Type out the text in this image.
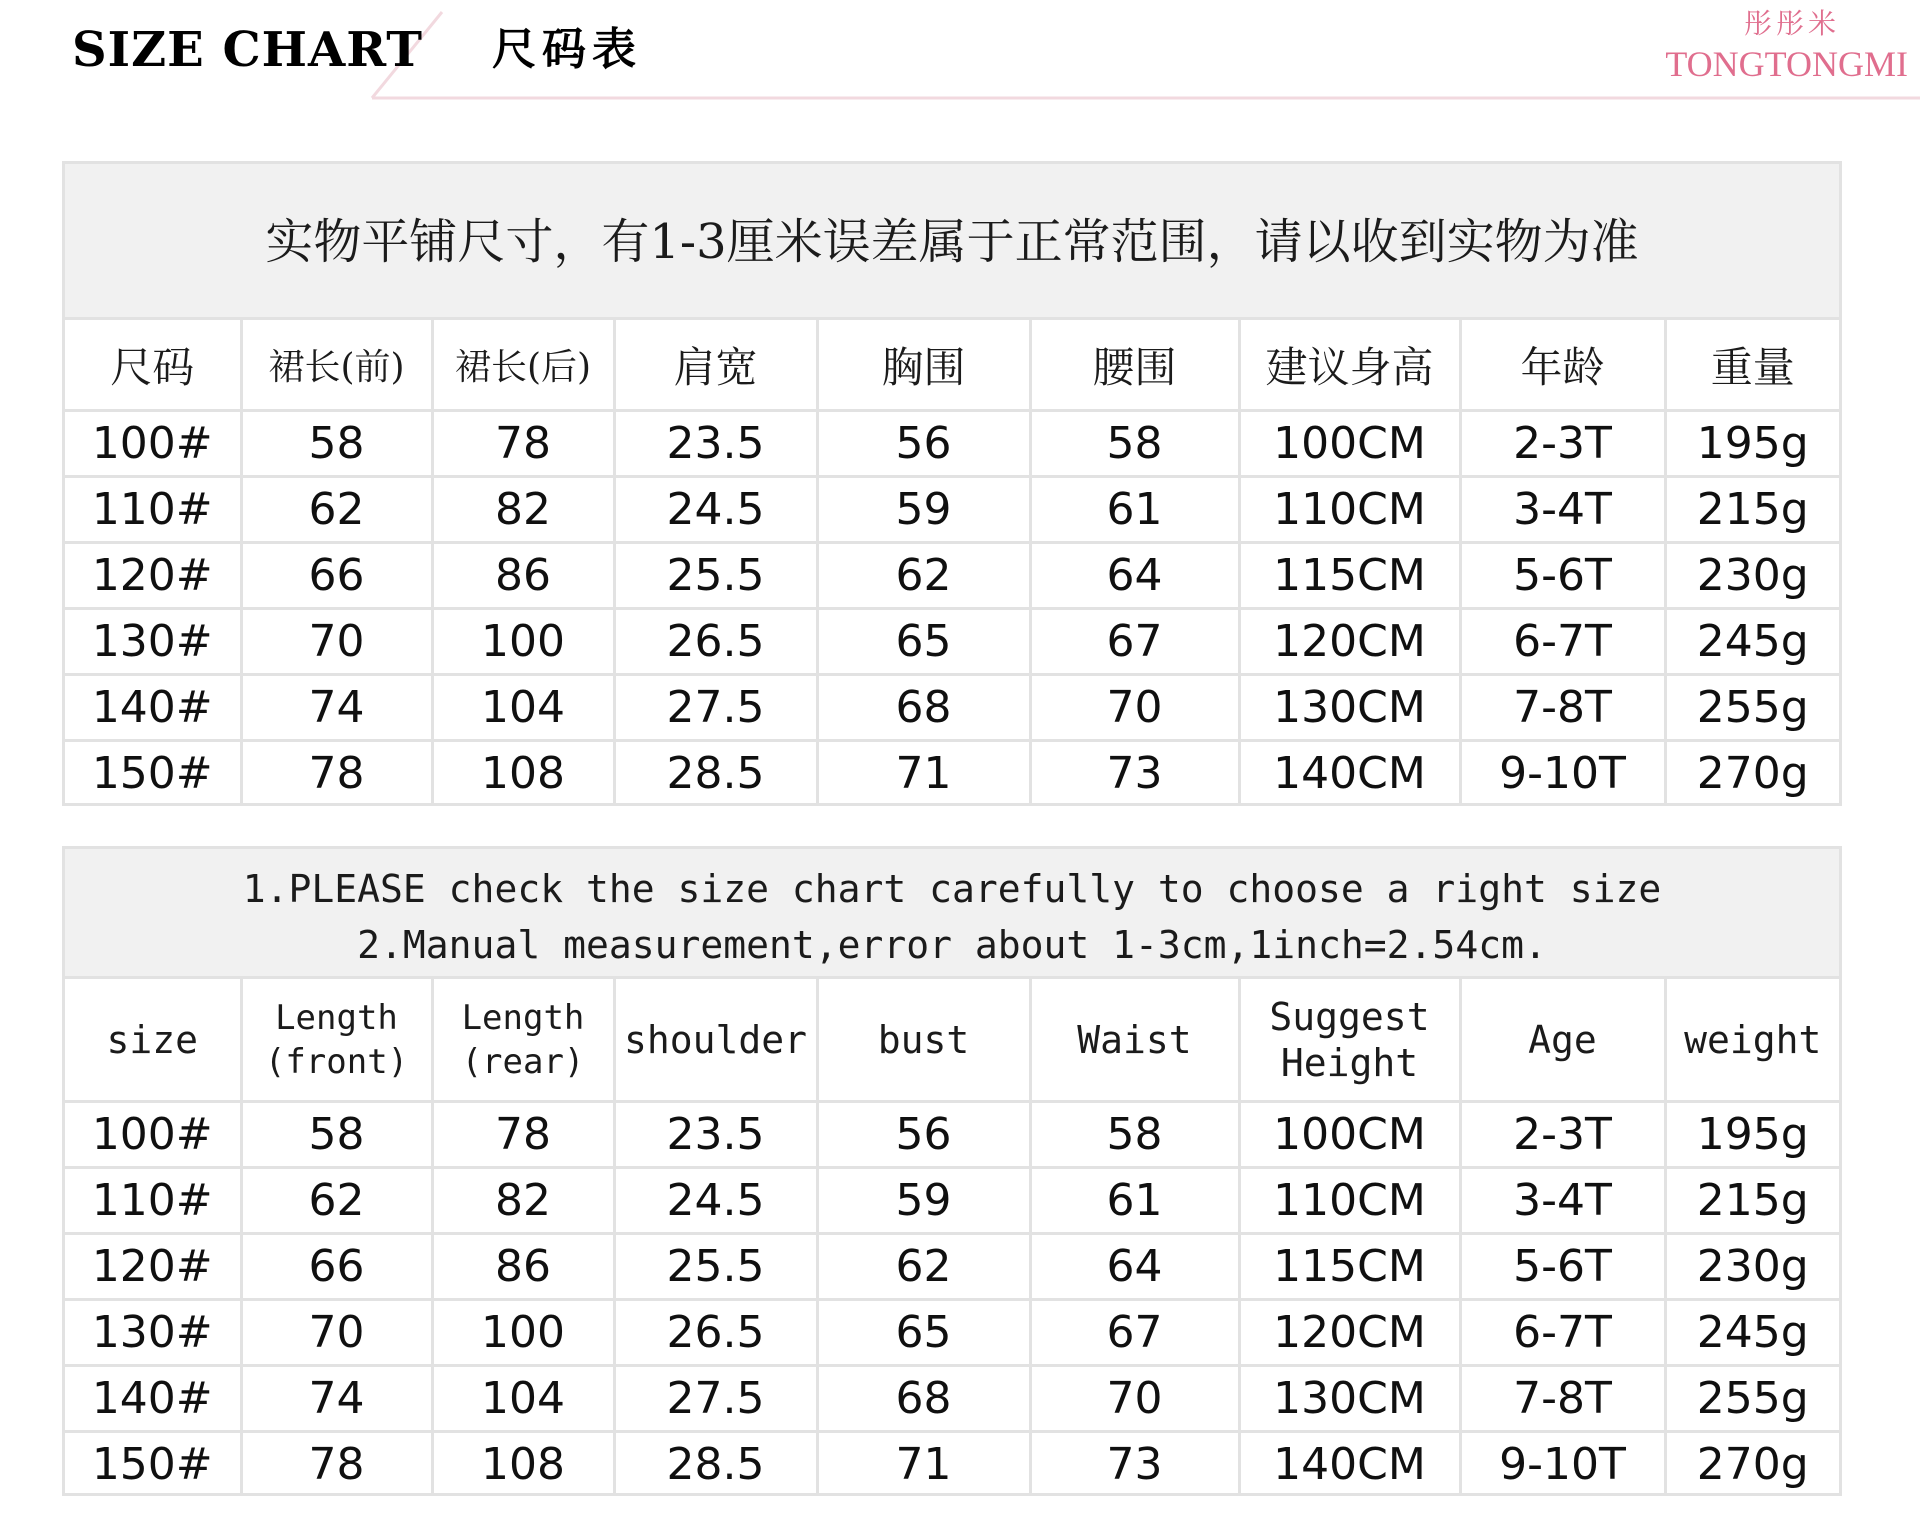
SIZE CHART 尺码表
彤彤米
TONGTONGMI
实物平铺尺寸，有1-3厘米误差属于正常范围，请以收到实物为准
尺码	裙长(前)	裙长(后)	肩宽	胸围	腰围	建议身高	年龄	重量
100#	58	78	23.5	56	58	100CM	2-3T	195g
110#	62	82	24.5	59	61	110CM	3-4T	215g
120#	66	86	25.5	62	64	115CM	5-6T	230g
130#	70	100	26.5	65	67	120CM	6-7T	245g
140#	74	104	27.5	68	70	130CM	7-8T	255g
150#	78	108	28.5	71	73	140CM	9-10T	270g
1.PLEASE check the size chart carefully to choose a right size
2.Manual measurement,error about 1-3cm,1inch=2.54cm.
size	Length (front)	Length (rear)	shoulder	bust	Waist	Suggest Height	Age	weight
100#	58	78	23.5	56	58	100CM	2-3T	195g
110#	62	82	24.5	59	61	110CM	3-4T	215g
120#	66	86	25.5	62	64	115CM	5-6T	230g
130#	70	100	26.5	65	67	120CM	6-7T	245g
140#	74	104	27.5	68	70	130CM	7-8T	255g
150#	78	108	28.5	71	73	140CM	9-10T	270g
